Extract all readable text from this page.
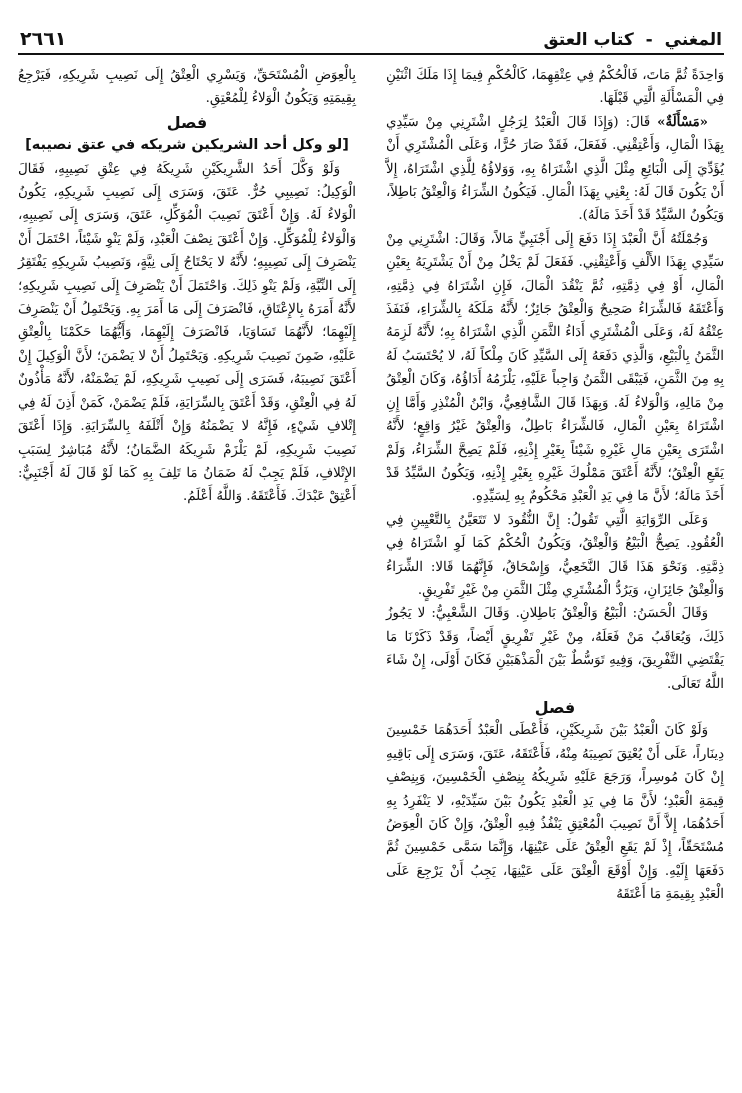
المغني - كتاب العتق
٢٦٦١

وَاحِدَةً ثُمَّ مَاتَ، فَالْحُكْمُ فِي عِتْقِهِمَا، كَالْحُكْمِ فِيمَا إِذَا مَلَكَ اثْنَيْنِ فِي الْمَسْأَلَةِ الَّتِي قَبْلَهَا.

«مَسْأَلَةٌ» قَالَ: (وَإِذَا قَالَ الْعَبْدُ لِرَجُلٍ اشْتَرِنِي مِنْ سَيِّدِي بِهَذَا الْمَالِ، وَأَعْتِقْنِي. فَفَعَلَ، فَقَدْ صَارَ حُرًّا، وَعَلَى الْمُشْتَرِي أَنْ يُؤَدِّيَ إِلَى الْبَائِعِ مِثْلَ الَّذِي اشْتَرَاهُ بِهِ، وَوَلاؤُهُ لِلَّذِي اشْتَرَاهُ، إِلاَّ أَنْ يَكُونَ قَالَ لَهُ: بِعْنِي بِهَذَا الْمَالِ. فَيَكُونُ الشِّرَاءُ وَالْعِتْقُ بَاطِلاً، وَيَكُونُ السَّيِّدُ قَدْ أَخَذَ مَالَهُ).

وَجُمْلَتُهُ أَنَّ الْعَبْدَ إِذَا دَفَعَ إِلَى أَجْنَبِيٍّ مَالاً، وَقَالَ: اشْتَرِنِي مِنْ سَيِّدِي بِهَذَا الأَلْفِ وَأَعْتِقْنِي. فَفَعَلَ لَمْ يَخْلُ مِنْ أَنْ يَشْتَرِيَهُ بِعَيْنِ الْمَالِ، أَوْ فِي ذِمَّتِهِ، ثُمَّ يَنْقُدَ الْمَالَ، فَإِنِ اشْتَرَاهُ فِي ذِمَّتِهِ، وَأَعْتَقَهُ فَالشِّرَاءُ صَحِيحٌ وَالْعِتْقُ جَائِزٌ؛ لأَنَّهُ مَلَكَهُ بِالشِّرَاءِ، فَنَفَذَ عِتْقُهُ لَهُ، وَعَلَى الْمُشْتَرِي أَدَاءُ الثَّمَنِ الَّذِي اشْتَرَاهُ بِهِ؛ لأَنَّهُ لَزِمَهُ الثَّمَنُ بِالْبَيْعِ، وَالَّذِي دَفَعَهُ إِلَى السَّيِّدِ كَانَ مِلْكاً لَهُ، لا يُحْتَسَبُ لَهُ بِهِ مِنَ الثَّمَنِ، فَيَبْقَى الثَّمَنُ وَاجِباً عَلَيْهِ، يَلْزَمُهُ أَدَاؤُهُ، وَكَانَ الْعِتْقُ مِنْ مَالِهِ، وَالْوَلاءُ لَهُ. وَبِهَذَا قَالَ الشَّافِعِيُّ، وَابْنُ الْمُنْذِرِ وَأَمَّا إِنِ اشْتَرَاهُ بِعَيْنِ الْمَالِ، فَالشِّرَاءُ بَاطِلٌ، وَالْعِتْقُ غَيْرُ وَاقِعٍ؛ لأَنَّهُ اشْتَرَى بِعَيْنِ مَالِ غَيْرِهِ شَيْئاً بِغَيْرِ إِذْنِهِ، فَلَمْ يَصِحَّ الشِّرَاءُ، وَلَمْ يَقَعِ الْعِتْقُ؛ لأَنَّهُ أَعْتَقَ مَمْلُوكَ غَيْرِهِ بِغَيْرِ إِذْنِهِ، وَيَكُونُ السَّيِّدُ قَدْ أَخَذَ مَالَهُ؛ لأَنَّ مَا فِي يَدِ الْعَبْدِ مَحْكُومٌ بِهِ لِسَيِّدِهِ.

وَعَلَى الرِّوَايَةِ الَّتِي تَقُولُ: إِنَّ النُّقُودَ لا تَتَعَيَّنُ بِالتَّعْيِينِ فِي الْعُقُودِ. يَصِحُّ الْبَيْعُ وَالْعِتْقُ، وَيَكُونُ الْحُكْمُ كَمَا لَوِ اشْتَرَاهُ فِي ذِمَّتِهِ. وَنَحْوَ هَذَا قَالَ النَّخَعِيُّ، وَإِسْحَاقُ، فَإِنَّهُمَا قَالا: الشِّرَاءُ وَالْعِتْقُ جَائِزَانِ، وَيَرُدُّ الْمُشْتَرِي مِثْلَ الثَّمَنِ مِنْ غَيْرِ تَفْرِيقٍ.

وَقَالَ الْحَسَنُ: الْبَيْعُ وَالْعِتْقُ بَاطِلانِ. وَقَالَ الشَّعْبِيُّ: لا يَجُوزُ ذَلِكَ، وَيُعَاقَبُ مَنْ فَعَلَهُ، مِنْ غَيْرِ تَفْرِيقٍ أَيْضاً، وَقَدْ ذَكَرْنَا مَا يَقْتَضِي التَّفْرِيقَ، وَفِيهِ تَوَسُّطٌ بَيْنَ الْمَذْهَبَيْنِ فَكَانَ أَوْلَى، إِنْ شَاءَ اللَّهُ تَعَالَى.

فصل

وَلَوْ كَانَ الْعَبْدُ بَيْنَ شَرِيكَيْنِ، فَأَعْطَى الْعَبْدُ أَحَدَهُمَا خَمْسِينَ دِينَاراً، عَلَى أَنْ يُعْتِقَ نَصِيبَهُ مِنْهُ، فَأَعْتَقَهُ، عَتَقَ، وَسَرَى إِلَى بَاقِيهِ إِنْ كَانَ مُوسِراً، وَرَجَعَ عَلَيْهِ شَرِيكُهُ بِنِصْفِ الْخَمْسِينَ، وَبِنِصْفِ قِيمَةِ الْعَبْدِ؛ لأَنَّ مَا فِي يَدِ الْعَبْدِ يَكُونُ بَيْنَ سَيِّدَيْهِ، لا يَنْفَرِدُ بِهِ أَحَدُهُمَا، إِلاَّ أَنَّ نَصِيبَ الْمُعْتِقِ يَنْفُذُ فِيهِ الْعِتْقُ، وَإِنْ كَانَ الْعِوَضُ مُسْتَحَقّاً، إِذْ لَمْ يَقَعِ الْعِتْقُ عَلَى عَيْنِهَا، وَإِنَّمَا سَمَّى خَمْسِينَ ثُمَّ دَفَعَهَا إِلَيْهِ. وَإِنْ أَوْقَعَ الْعِتْقَ عَلَى عَيْنِهَا، يَجِبُ أَنْ يَرْجِعَ عَلَى الْعَبْدِ بِقِيمَةِ مَا أَعْتَقَهُ

بِالْعِوَضِ الْمُسْتَحَقِّ، وَيَسْرِي الْعِتْقُ إِلَى نَصِيبِ شَرِيكِهِ، فَيَرْجِعُ بِقِيمَتِهِ وَيَكُونُ الْوَلاءُ لِلْمُعْتِقِ.

فصل

[لو وكل أحد الشريكين شريكه في عتق نصيبه]

وَلَوْ وَكَّلَ أَحَدُ الشَّرِيكَيْنِ شَرِيكَهُ فِي عِتْقِ نَصِيبِهِ، فَقَالَ الْوَكِيلُ: نَصِيبِي حُرٌّ. عَتَقَ، وَسَرَى إِلَى نَصِيبِ شَرِيكِهِ، يَكُونُ الْوَلاءُ لَهُ. وَإِنْ أَعْتَقَ نَصِيبَ الْمُوَكِّلِ، عَتَقَ، وَسَرَى إِلَى نَصِيبِهِ، وَالْوَلاءُ لِلْمُوَكِّلِ. وَإِنْ أَعْتَقَ نِصْفَ الْعَبْدِ، وَلَمْ يَنْوِ شَيْئاً، احْتَمَلَ أَنْ يَنْصَرِفَ إِلَى نَصِيبِهِ؛ لأَنَّهُ لا يَحْتَاجُ إِلَى نِيَّةٍ، وَنَصِيبُ شَرِيكِهِ يَفْتَقِرُ إِلَى النِّيَّةِ، وَلَمْ يَنْوِ ذَلِكَ. وَاحْتَمَلَ أَنْ يَنْصَرِفَ إِلَى نَصِيبِ شَرِيكِهِ؛ لأَنَّهُ أَمَرَهُ بِالإِعْتَاقِ، فَانْصَرَفَ إِلَى مَا أَمَرَ بِهِ. وَيَحْتَمِلُ أَنْ يَنْصَرِفَ إِلَيْهِمَا؛ لأَنَّهُمَا تَسَاوَيَا، فَانْصَرَفَ إِلَيْهِمَا، وَأَيُّهُمَا حَكَمْنَا بِالْعِتْقِ عَلَيْهِ، ضَمِنَ نَصِيبَ شَرِيكِهِ. وَيَحْتَمِلُ أَنْ لا يَضْمَنَ؛ لأَنَّ الْوَكِيلَ إِنْ أَعْتَقَ نَصِيبَهُ، فَسَرَى إِلَى نَصِيبِ شَرِيكِهِ، لَمْ يَضْمَنْهُ، لأَنَّهُ مَأْذُونٌ لَهُ فِي الْعِتْقِ، وَقَدْ أَعْتَقَ بِالسِّرَايَةِ، فَلَمْ يَضْمَنْ، كَمَنْ أَذِنَ لَهُ فِي إِتْلافِ شَيْءٍ، فَإِنَّهُ لا يَضْمَنُهُ وَإِنْ أَتْلَفَهُ بِالسِّرَايَةِ. وَإِذَا أَعْتَقَ نَصِيبَ شَرِيكِهِ، لَمْ يَلْزَمْ شَرِيكَهُ الضَّمَانُ؛ لأَنَّهُ مُبَاشِرٌ لِسَبَبِ الإِتْلافِ، فَلَمْ يَجِبْ لَهُ ضَمَانُ مَا تَلِفَ بِهِ كَمَا لَوْ قَالَ لَهُ أَجْنَبِيٌّ: أَعْتِقْ عَبْدَكَ. فَأَعْتَقَهُ. وَاللَّهُ أَعْلَمُ.
